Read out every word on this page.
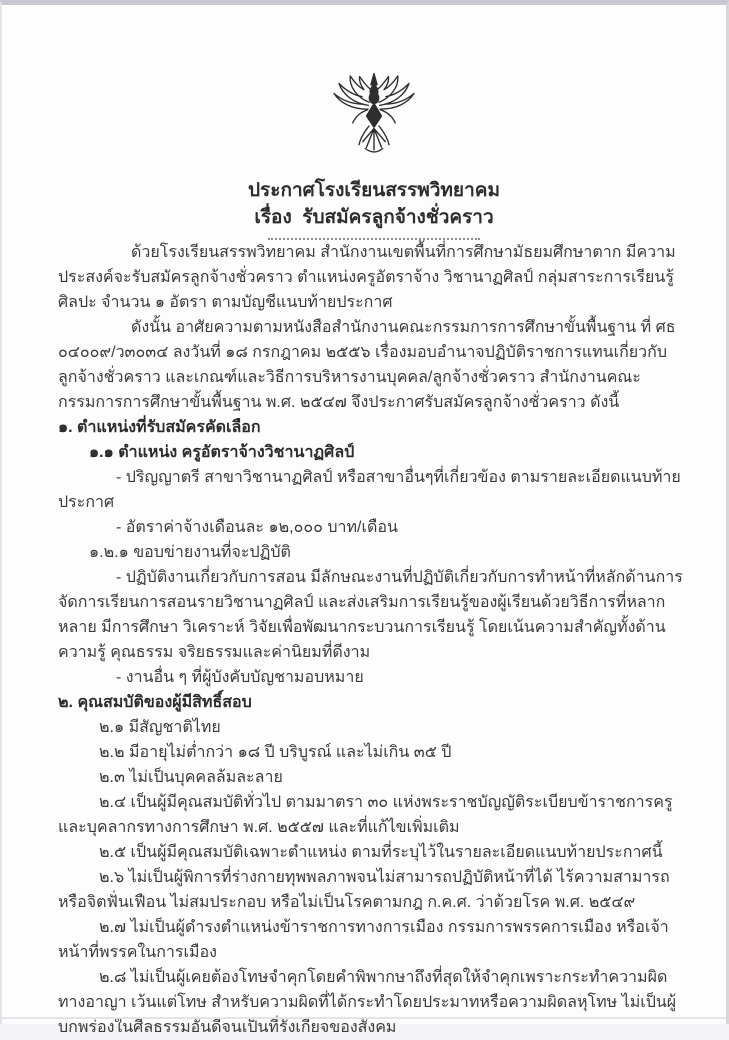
ประกาศโรงเรียนสรรพวิทยาคม

เรื่อง  รับสมัครลูกจ้างชั่วคราว

ด้วยโรงเรียนสรรพวิทยาคม สำนักงานเขตพื้นที่การศึกษามัธยมศึกษาตาก มีความประสงค์จะรับสมัครลูกจ้างชั่วคราว ตำแหน่งครูอัตราจ้าง วิชานาฏศิลป์ กลุ่มสาระการเรียนรู้ศิลปะ จำนวน ๑ อัตรา ตามบัญชีแนบท้ายประกาศ

ดังนั้น อาศัยความตามหนังสือสำนักงานคณะกรรมการการศึกษาขั้นพื้นฐาน ที่ ศธ ๐๔๐๐๙/ว๓๐๓๔ ลงวันที่ ๑๘ กรกฎาคม ๒๕๕๖ เรื่องมอบอำนาจปฏิบัติราชการแทนเกี่ยวกับลูกจ้างชั่วคราว และเกณฑ์และวิธีการบริหารงานบุคคล/ลูกจ้างชั่วคราว สำนักงานคณะกรรมการการศึกษาขั้นพื้นฐาน พ.ศ. ๒๕๔๗ จึงประกาศรับสมัครลูกจ้างชั่วคราว ดังนี้

๑. ตำแหน่งที่รับสมัครคัดเลือก

๑.๑ ตำแหน่ง ครูอัตราจ้างวิชานาฏศิลป์

- ปริญญาตรี สาขาวิชานาฏศิลป์ หรือสาขาอื่นๆที่เกี่ยวข้อง ตามรายละเอียดแนบท้ายประกาศ

- อัตราค่าจ้างเดือนละ ๑๒,๐๐๐ บาท/เดือน

๑.๒.๑ ขอบข่ายงานที่จะปฏิบัติ

- ปฏิบัติงานเกี่ยวกับการสอน มีลักษณะงานที่ปฏิบัติเกี่ยวกับการทำหน้าที่หลักด้านการจัดการเรียนการสอนรายวิชานาฏศิลป์ และส่งเสริมการเรียนรู้ของผู้เรียนด้วยวิธีการที่หลากหลาย มีการศึกษา วิเคราะห์ วิจัยเพื่อพัฒนากระบวนการเรียนรู้ โดยเน้นความสำคัญทั้งด้านความรู้ คุณธรรม จริยธรรมและค่านิยมที่ดีงาม

- งานอื่น ๆ ที่ผู้บังคับบัญชามอบหมาย

๒. คุณสมบัติของผู้มีสิทธิ์สอบ

๒.๑ มีสัญชาติไทย

๒.๒ มีอายุไม่ต่ำกว่า ๑๘ ปี บริบูรณ์ และไม่เกิน ๓๕ ปี

๒.๓ ไม่เป็นบุคคลล้มละลาย

๒.๔ เป็นผู้มีคุณสมบัติทั่วไป ตามมาตรา ๓๐ แห่งพระราชบัญญัติระเบียบข้าราชการครูและบุคลากรทางการศึกษา พ.ศ. ๒๕๕๗ และที่แก้ไขเพิ่มเติม

๒.๕ เป็นผู้มีคุณสมบัติเฉพาะตำแหน่ง ตามที่ระบุไว้ในรายละเอียดแนบท้ายประกาศนี้

๒.๖ ไม่เป็นผู้พิการที่ร่างกายทุพพลภาพจนไม่สามารถปฏิบัติหน้าที่ได้ ไร้ความสามารถ หรือจิตฟั่นเฟือน ไม่สมประกอบ หรือไม่เป็นโรคตามกฎ ก.ค.ศ. ว่าด้วยโรค พ.ศ. ๒๕๔๙

๒.๗ ไม่เป็นผู้ดำรงตำแหน่งข้าราชการทางการเมือง กรรมการพรรคการเมือง หรือเจ้าหน้าที่พรรคในการเมือง

๒.๘ ไม่เป็นผู้เคยต้องโทษจำคุกโดยคำพิพากษาถึงที่สุดให้จำคุกเพราะกระทำความผิดทางอาญา เว้นแต่โทษ สำหรับความผิดที่ได้กระทำโดยประมาทหรือความผิดลหุโทษ ไม่เป็นผู้บกพร่องในศีลธรรมอันดีจนเป็นที่รังเกียจของสังคม
